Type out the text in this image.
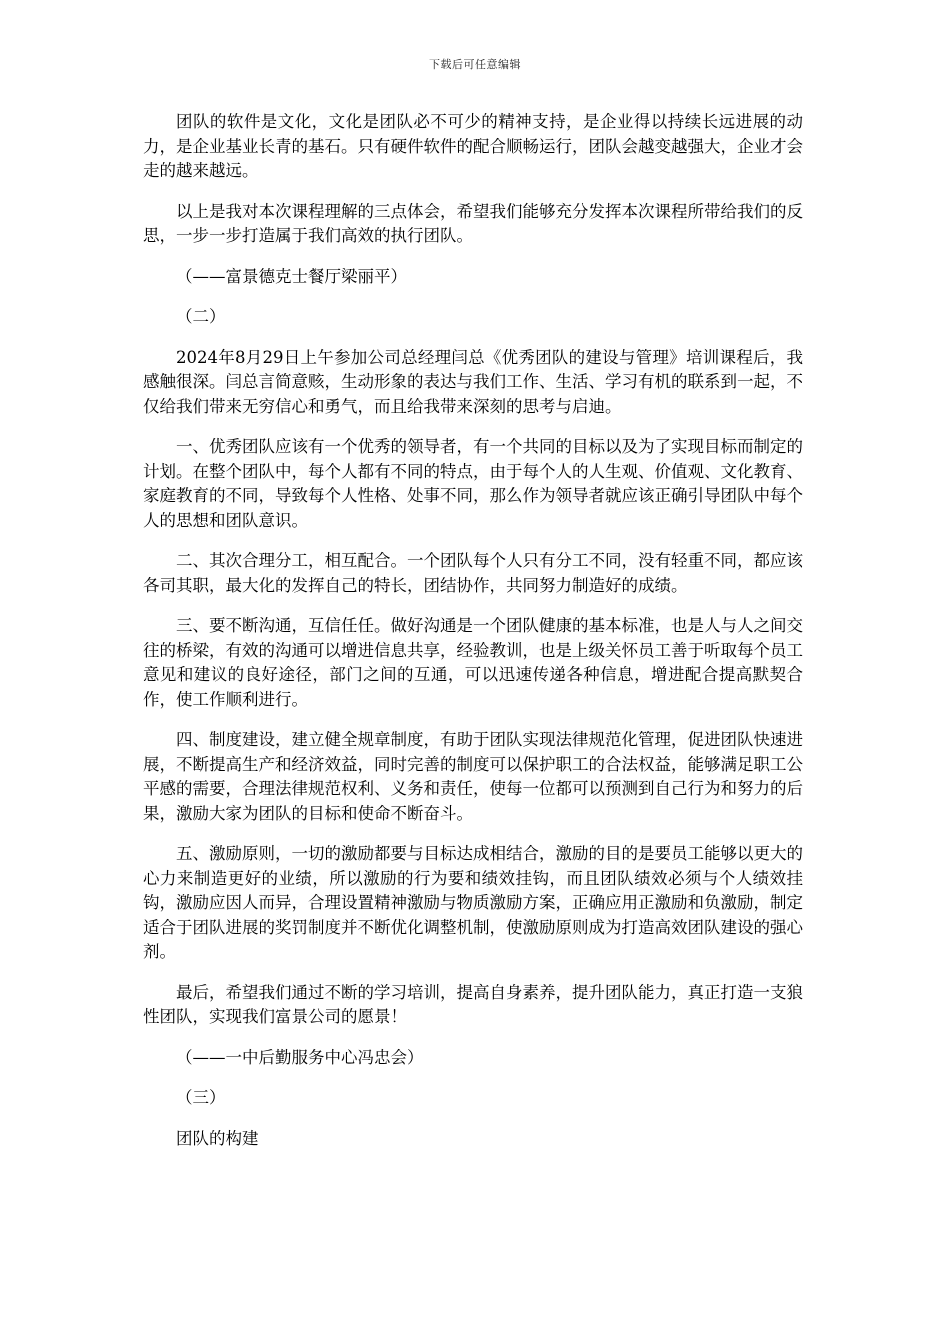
下载后可任意编辑

团队的软件是文化，文化是团队必不可少的精神支持，是企业得以持续长远进展的动力，是企业基业长青的基石。只有硬件软件的配合顺畅运行，团队会越变越强大，企业才会走的越来越远。

以上是我对本次课程理解的三点体会，希望我们能够充分发挥本次课程所带给我们的反思，一步一步打造属于我们高效的执行团队。

（——富景德克士餐厅梁丽平）

（二）

2024年8月29日上午参加公司总经理闫总《优秀团队的建设与管理》培训课程后，我感触很深。闫总言简意赅，生动形象的表达与我们工作、生活、学习有机的联系到一起，不仅给我们带来无穷信心和勇气，而且给我带来深刻的思考与启迪。

一、优秀团队应该有一个优秀的领导者，有一个共同的目标以及为了实现目标而制定的计划。在整个团队中，每个人都有不同的特点，由于每个人的人生观、价值观、文化教育、家庭教育的不同，导致每个人性格、处事不同，那么作为领导者就应该正确引导团队中每个人的思想和团队意识。

二、其次合理分工，相互配合。一个团队每个人只有分工不同，没有轻重不同，都应该各司其职，最大化的发挥自己的特长，团结协作，共同努力制造好的成绩。

三、要不断沟通，互信任任。做好沟通是一个团队健康的基本标准，也是人与人之间交往的桥梁，有效的沟通可以增进信息共享，经验教训，也是上级关怀员工善于听取每个员工意见和建议的良好途径，部门之间的互通，可以迅速传递各种信息，增进配合提高默契合作，使工作顺利进行。

四、制度建设，建立健全规章制度，有助于团队实现法律规范化管理，促进团队快速进展，不断提高生产和经济效益，同时完善的制度可以保护职工的合法权益，能够满足职工公平感的需要，合理法律规范权利、义务和责任，使每一位都可以预测到自己行为和努力的后果，激励大家为团队的目标和使命不断奋斗。

五、激励原则，一切的激励都要与目标达成相结合，激励的目的是要员工能够以更大的心力来制造更好的业绩，所以激励的行为要和绩效挂钩，而且团队绩效必须与个人绩效挂钩，激励应因人而异，合理设置精神激励与物质激励方案，正确应用正激励和负激励，制定适合于团队进展的奖罚制度并不断优化调整机制，使激励原则成为打造高效团队建设的强心剂。

最后，希望我们通过不断的学习培训，提高自身素养，提升团队能力，真正打造一支狼性团队，实现我们富景公司的愿景！

（——一中后勤服务中心冯忠会）

（三）

团队的构建
